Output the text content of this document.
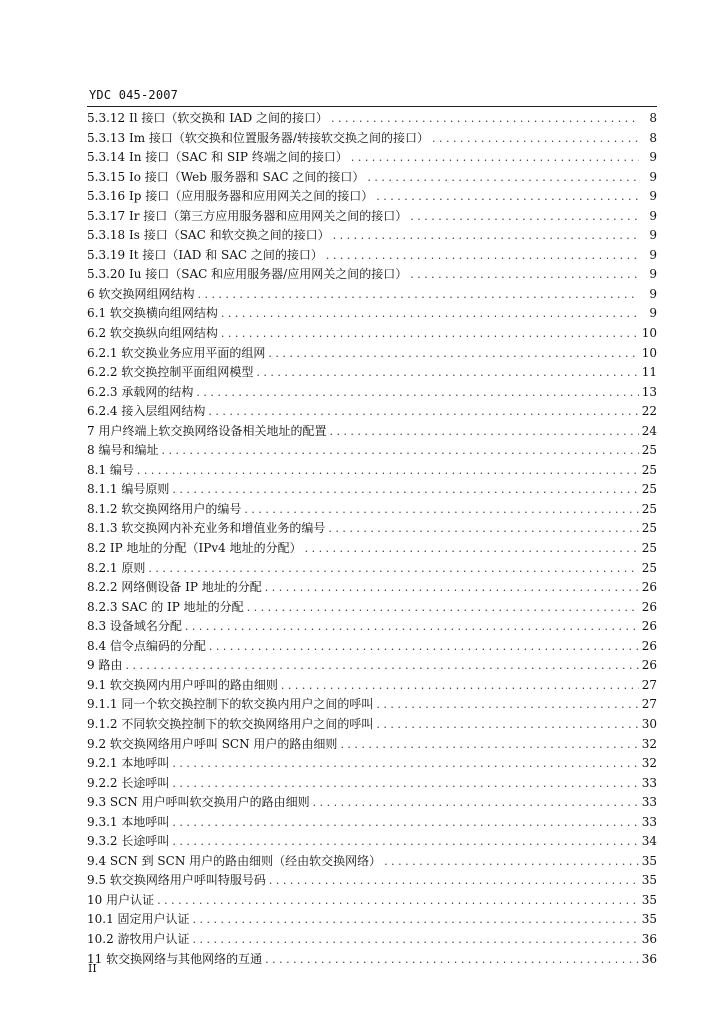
YDC 045-2007
5.3.12 Il 接口（软交换和 IAD 之间的接口） . . .	8
5.3.13 Im 接口（软交换和位置服务器/转接软交换之间的接口） . . .	8
5.3.14 In 接口（SAC 和 SIP 终端之间的接口） . . .	9
5.3.15 Io 接口（Web 服务器和 SAC 之间的接口） . . .	9
5.3.16 Ip 接口（应用服务器和应用网关之间的接口） . . .	9
5.3.17 Ir 接口（第三方应用服务器和应用网关之间的接口） . . .	9
5.3.18 Is 接口（SAC 和软交换之间的接口） . . .	9
5.3.19 It 接口（IAD 和 SAC 之间的接口） . . .	9
5.3.20 Iu 接口（SAC 和应用服务器/应用网关之间的接口） . . .	9
6 软交换网组网结构 . . .	9
6.1 软交换横向组网结构 . . .	9
6.2 软交换纵向组网结构 . . .	10
6.2.1 软交换业务应用平面的组网 . . .	10
6.2.2 软交换控制平面组网模型 . . .	11
6.2.3 承载网的结构 . . .	13
6.2.4 接入层组网结构 . . .	22
7 用户终端上软交换网络设备相关地址的配置 . . .	24
8 编号和编址 . . .	25
8.1 编号 . . .	25
8.1.1 编号原则 . . .	25
8.1.2 软交换网络用户的编号 . . .	25
8.1.3 软交换网内补充业务和增值业务的编号 . . .	25
8.2 IP 地址的分配（IPv4 地址的分配） . . .	25
8.2.1 原则 . . .	25
8.2.2 网络侧设备 IP 地址的分配 . . .	26
8.2.3 SAC 的 IP 地址的分配 . . .	26
8.3 设备域名分配 . . .	26
8.4 信令点编码的分配 . . .	26
9 路由 . . .	26
9.1 软交换网内用户呼叫的路由细则 . . .	27
9.1.1 同一个软交换控制下的软交换内用户之间的呼叫 . . .	27
9.1.2 不同软交换控制下的软交换网络用户之间的呼叫 . . .	30
9.2 软交换网络用户呼叫 SCN 用户的路由细则 . . .	32
9.2.1 本地呼叫 . . .	32
9.2.2 长途呼叫 . . .	33
9.3 SCN 用户呼叫软交换用户的路由细则 . . .	33
9.3.1 本地呼叫 . . .	33
9.3.2 长途呼叫 . . .	34
9.4 SCN 到 SCN 用户的路由细则（经由软交换网络） . . .	35
9.5 软交换网络用户呼叫特服号码 . . .	35
10 用户认证 . . .	35
10.1 固定用户认证 . . .	35
10.2 游牧用户认证 . . .	36
11 软交换网络与其他网络的互通 . . .	36
II
